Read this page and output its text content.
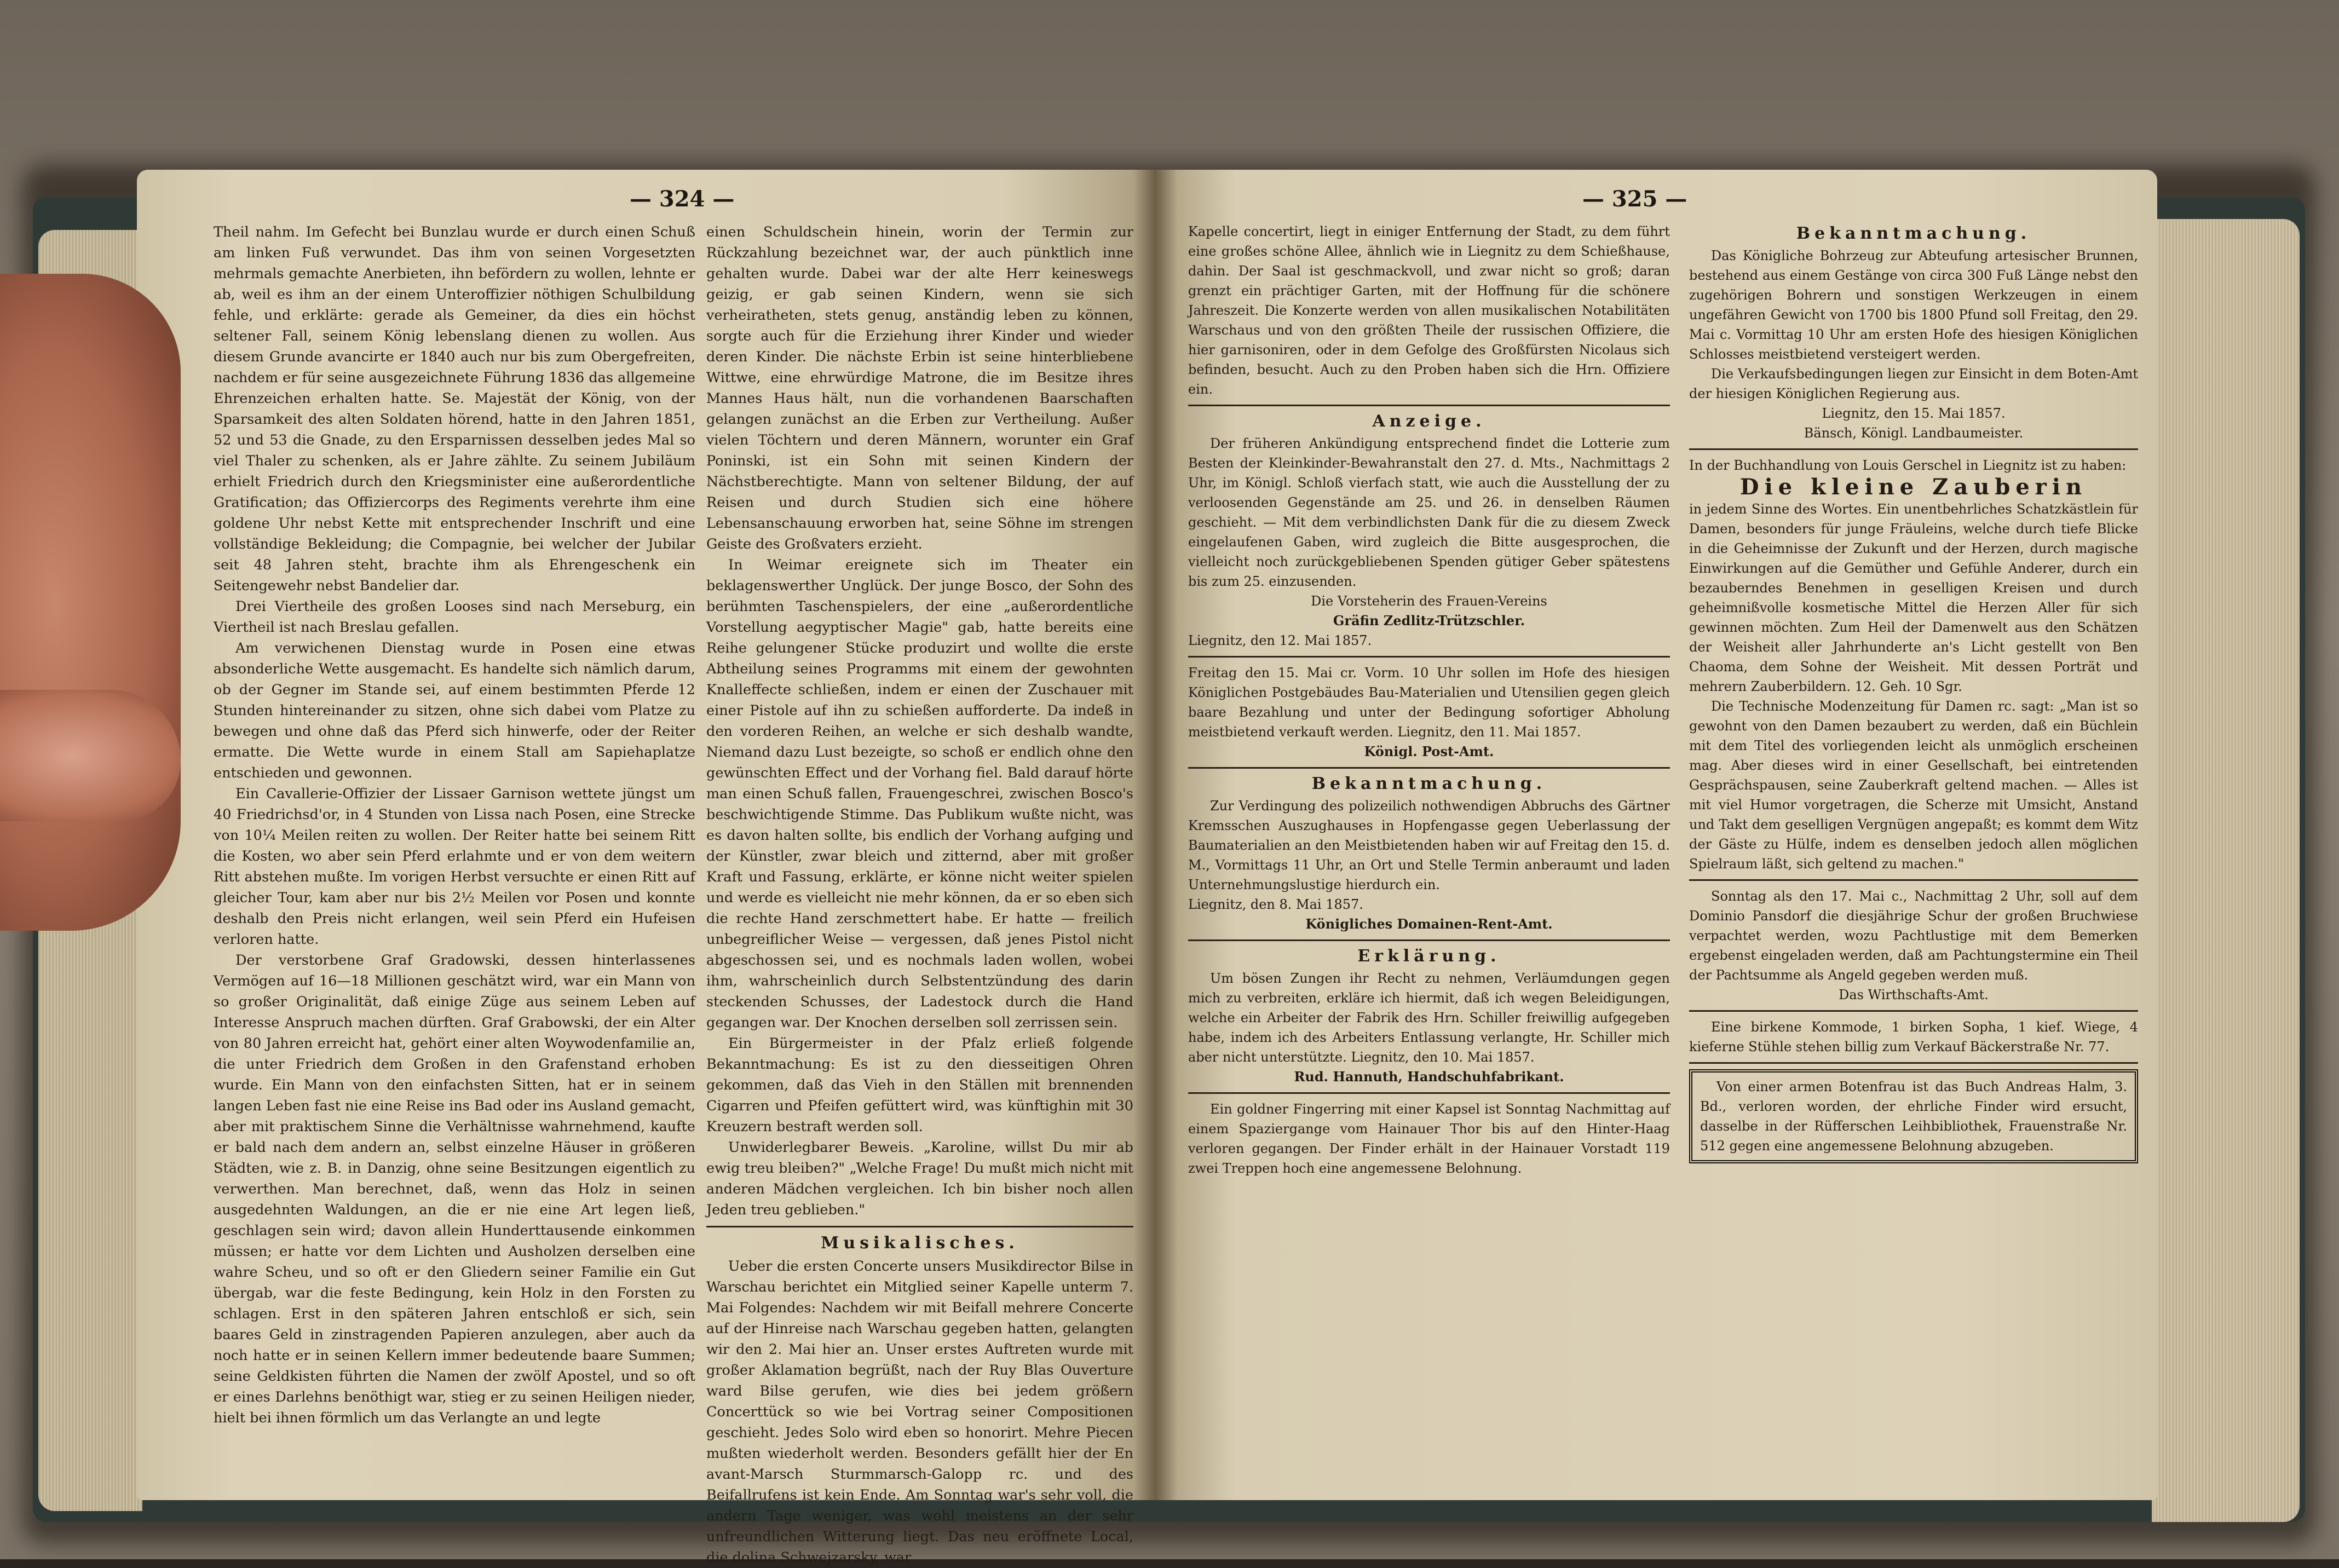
— 324 —

Theil nahm. Im Gefecht bei Bunzlau wurde er durch einen Schuß am linken Fuß verwundet. Das ihm von seinen Vorgesetzten mehrmals gemachte Anerbieten, ihn befördern zu wollen, lehnte er ab, weil es ihm an der einem Unteroffizier nöthigen Schulbildung fehle, und erklärte: gerade als Gemeiner, da dies ein höchst seltener Fall, seinem König lebenslang dienen zu wollen. Aus diesem Grunde avancirte er 1840 auch nur bis zum Obergefreiten, nachdem er für seine ausgezeichnete Führung 1836 das allgemeine Ehrenzeichen erhalten hatte. Se. Majestät der König, von der Sparsamkeit des alten Soldaten hörend, hatte in den Jahren 1851, 52 und 53 die Gnade, zu den Ersparnissen desselben jedes Mal so viel Thaler zu schenken, als er Jahre zählte. Zu seinem Jubiläum erhielt Friedrich durch den Kriegsminister eine außerordentliche Gratification; das Offiziercorps des Regiments verehrte ihm eine goldene Uhr nebst Kette mit entsprechender Inschrift und eine vollständige Bekleidung; die Compagnie, bei welcher der Jubilar seit 48 Jahren steht, brachte ihm als Ehrengeschenk ein Seitengewehr nebst Bandelier dar.

Drei Viertheile des großen Looses sind nach Merseburg, ein Viertheil ist nach Breslau gefallen.

Am verwichenen Dienstag wurde in Posen eine etwas absonderliche Wette ausgemacht. Es handelte sich nämlich darum, ob der Gegner im Stande sei, auf einem bestimmten Pferde 12 Stunden hintereinander zu sitzen, ohne sich dabei vom Platze zu bewegen und ohne daß das Pferd sich hinwerfe, oder der Reiter ermatte. Die Wette wurde in einem Stall am Sapiehaplatze entschieden und gewonnen.

Ein Cavallerie-Offizier der Lissaer Garnison wettete jüngst um 40 Friedrichsd'or, in 4 Stunden von Lissa nach Posen, eine Strecke von 10¼ Meilen reiten zu wollen. Der Reiter hatte bei seinem Ritt die Kosten, wo aber sein Pferd erlahmte und er von dem weitern Ritt abstehen mußte. Im vorigen Herbst versuchte er einen Ritt auf gleicher Tour, kam aber nur bis 2½ Meilen vor Posen und konnte deshalb den Preis nicht erlangen, weil sein Pferd ein Hufeisen verloren hatte.

Der verstorbene Graf Gradowski, dessen hinterlassenes Vermögen auf 16—18 Millionen geschätzt wird, war ein Mann von so großer Originalität, daß einige Züge aus seinem Leben auf Interesse Anspruch machen dürften. Graf Grabowski, der ein Alter von 80 Jahren erreicht hat, gehört einer alten Woywodenfamilie an, die unter Friedrich dem Großen in den Grafenstand erhoben wurde. Ein Mann von den einfachsten Sitten, hat er in seinem langen Leben fast nie eine Reise ins Bad oder ins Ausland gemacht, aber mit praktischem Sinne die Verhältnisse wahrnehmend, kaufte er bald nach dem andern an, selbst einzelne Häuser in größeren Städten, wie z. B. in Danzig, ohne seine Besitzungen eigentlich zu verwerthen. Man berechnet, daß, wenn das Holz in seinen ausgedehnten Waldungen, an die er nie eine Art legen ließ, geschlagen sein wird; davon allein Hunderttausende einkommen müssen; er hatte vor dem Lichten und Ausholzen derselben eine wahre Scheu, und so oft er den Gliedern seiner Familie ein Gut übergab, war die feste Bedingung, kein Holz in den Forsten zu schlagen. Erst in den späteren Jahren entschloß er sich, sein baares Geld in zinstragenden Papieren anzulegen, aber auch da noch hatte er in seinen Kellern immer bedeutende baare Summen; seine Geldkisten führten die Namen der zwölf Apostel, und so oft er eines Darlehns benöthigt war, stieg er zu seinen Heiligen nieder, hielt bei ihnen förmlich um das Verlangte an und legte

einen Schuldschein hinein, worin der Termin zur Rückzahlung bezeichnet war, der auch pünktlich inne gehalten wurde. Dabei war der alte Herr keineswegs geizig, er gab seinen Kindern, wenn sie sich verheiratheten, stets genug, anständig leben zu können, sorgte auch für die Erziehung ihrer Kinder und wieder deren Kinder. Die nächste Erbin ist seine hinterbliebene Wittwe, eine ehrwürdige Matrone, die im Besitze ihres Mannes Haus hält, nun die vorhandenen Baarschaften gelangen zunächst an die Erben zur Vertheilung. Außer vielen Töchtern und deren Männern, worunter ein Graf Poninski, ist ein Sohn mit seinen Kindern der Nächstberechtigte. Mann von seltener Bildung, der auf Reisen und durch Studien sich eine höhere Lebensanschauung erworben hat, seine Söhne im strengen Geiste des Großvaters erzieht.

In Weimar ereignete sich im Theater ein beklagenswerther Unglück. Der junge Bosco, der Sohn des berühmten Taschenspielers, der eine „außerordentliche Vorstellung aegyptischer Magie" gab, hatte bereits eine Reihe gelungener Stücke produzirt und wollte die erste Abtheilung seines Programms mit einem der gewohnten Knalleffecte schließen, indem er einen der Zuschauer mit einer Pistole auf ihn zu schießen aufforderte. Da indeß in den vorderen Reihen, an welche er sich deshalb wandte, Niemand dazu Lust bezeigte, so schoß er endlich ohne den gewünschten Effect und der Vorhang fiel. Bald darauf hörte man einen Schuß fallen, Frauengeschrei, zwischen Bosco's beschwichtigende Stimme. Das Publikum wußte nicht, was es davon halten sollte, bis endlich der Vorhang aufging und der Künstler, zwar bleich und zitternd, aber mit großer Kraft und Fassung, erklärte, er könne nicht weiter spielen und werde es vielleicht nie mehr können, da er so eben sich die rechte Hand zerschmettert habe. Er hatte — freilich unbegreiflicher Weise — vergessen, daß jenes Pistol nicht abgeschossen sei, und es nochmals laden wollen, wobei ihm, wahrscheinlich durch Selbstentzündung des darin steckenden Schusses, der Ladestock durch die Hand gegangen war. Der Knochen derselben soll zerrissen sein.

Ein Bürgermeister in der Pfalz erließ folgende Bekanntmachung: Es ist zu den diesseitigen Ohren gekommen, daß das Vieh in den Ställen mit brennenden Cigarren und Pfeifen gefüttert wird, was künftighin mit 30 Kreuzern bestraft werden soll.

Unwiderlegbarer Beweis. „Karoline, willst Du mir ab ewig treu bleiben?" „Welche Frage! Du mußt mich nicht mit anderen Mädchen vergleichen. Ich bin bisher noch allen Jeden treu geblieben."

Musikalisches.

Ueber die ersten Concerte unsers Musikdirector Bilse in Warschau berichtet ein Mitglied seiner Kapelle unterm 7. Mai Folgendes: Nachdem wir mit Beifall mehrere Concerte auf der Hinreise nach Warschau gegeben hatten, gelangten wir den 2. Mai hier an. Unser erstes Auftreten wurde mit großer Aklamation begrüßt, nach der Ruy Blas Ouverture ward Bilse gerufen, wie dies bei jedem größern Concerttück so wie bei Vortrag seiner Compositionen geschieht. Jedes Solo wird eben so honorirt. Mehre Piecen mußten wiederholt werden. Besonders gefällt hier der En avant-Marsch Sturmmarsch-Galopp rc. und des Beifallrufens ist kein Ende. Am Sonntag war's sehr voll, die andern Tage weniger, was wohl meistens an der sehr unfreundlichen Witterung liegt. Das neu eröffnete Local, die dolina Schwejzarsky, war

— 325 —

Kapelle concertirt, liegt in einiger Entfernung der Stadt, zu dem führt eine großes schöne Allee, ähnlich wie in Liegnitz zu dem Schießhause, dahin. Der Saal ist geschmackvoll, und zwar nicht so groß; daran grenzt ein prächtiger Garten, mit der Hoffnung für die schönere Jahreszeit. Die Konzerte werden von allen musikalischen Notabilitäten Warschaus und von den größten Theile der russischen Offiziere, die hier garnisoniren, oder in dem Gefolge des Großfürsten Nicolaus sich befinden, besucht. Auch zu den Proben haben sich die Hrn. Offiziere ein.

Anzeige.

Der früheren Ankündigung entsprechend findet die Lotterie zum Besten der Kleinkinder-Bewahranstalt den 27. d. Mts., Nachmittags 2 Uhr, im Königl. Schloß vierfach statt, wie auch die Ausstellung der zu verloosenden Gegenstände am 25. und 26. in denselben Räumen geschieht. — Mit dem verbindlichsten Dank für die zu diesem Zweck eingelaufenen Gaben, wird zugleich die Bitte ausgesprochen, die vielleicht noch zurückgebliebenen Spenden gütiger Geber spätestens bis zum 25. einzusenden.

Die Vorsteherin des Frauen-Vereins

Gräfin Zedlitz-Trützschler.

Liegnitz, den 12. Mai 1857.

Freitag den 15. Mai cr. Vorm. 10 Uhr sollen im Hofe des hiesigen Königlichen Postgebäudes Bau-Materialien und Utensilien gegen gleich baare Bezahlung und unter der Bedingung sofortiger Abholung meistbietend verkauft werden. Liegnitz, den 11. Mai 1857.

Königl. Post-Amt.

Bekanntmachung.

Zur Verdingung des polizeilich nothwendigen Abbruchs des Gärtner Kremsschen Auszughauses in Hopfengasse gegen Ueberlassung der Baumaterialien an den Meistbietenden haben wir auf Freitag den 15. d. M., Vormittags 11 Uhr, an Ort und Stelle Termin anberaumt und laden Unternehmungslustige hierdurch ein.

Liegnitz, den 8. Mai 1857.

Königliches Domainen-Rent-Amt.

Erklärung.

Um bösen Zungen ihr Recht zu nehmen, Verläumdungen gegen mich zu verbreiten, erkläre ich hiermit, daß ich wegen Beleidigungen, welche ein Arbeiter der Fabrik des Hrn. Schiller freiwillig aufgegeben habe, indem ich des Arbeiters Entlassung verlangte, Hr. Schiller mich aber nicht unterstützte. Liegnitz, den 10. Mai 1857.

Rud. Hannuth, Handschuhfabrikant.

Ein goldner Fingerring mit einer Kapsel ist Sonntag Nachmittag auf einem Spaziergange vom Hainauer Thor bis auf den Hinter-Haag verloren gegangen. Der Finder erhält in der Hainauer Vorstadt 119 zwei Treppen hoch eine angemessene Belohnung.

Bekanntmachung.

Das Königliche Bohrzeug zur Abteufung artesischer Brunnen, bestehend aus einem Gestänge von circa 300 Fuß Länge nebst den zugehörigen Bohrern und sonstigen Werkzeugen in einem ungefähren Gewicht von 1700 bis 1800 Pfund soll Freitag, den 29. Mai c. Vormittag 10 Uhr am ersten Hofe des hiesigen Königlichen Schlosses meistbietend versteigert werden.

Die Verkaufsbedingungen liegen zur Einsicht in dem Boten-Amt der hiesigen Königlichen Regierung aus.

Liegnitz, den 15. Mai 1857.

Bänsch, Königl. Landbaumeister.

In der Buchhandlung von Louis Gerschel in Liegnitz ist zu haben:

Die kleine Zauberin

in jedem Sinne des Wortes. Ein unentbehrliches Schatzkästlein für Damen, besonders für junge Fräuleins, welche durch tiefe Blicke in die Geheimnisse der Zukunft und der Herzen, durch magische Einwirkungen auf die Gemüther und Gefühle Anderer, durch ein bezauberndes Benehmen in geselligen Kreisen und durch geheimnißvolle kosmetische Mittel die Herzen Aller für sich gewinnen möchten. Zum Heil der Damenwelt aus den Schätzen der Weisheit aller Jahrhunderte an's Licht gestellt von Ben Chaoma, dem Sohne der Weisheit. Mit dessen Porträt und mehrern Zauberbildern. 12. Geh. 10 Sgr.

Die Technische Modenzeitung für Damen rc. sagt: „Man ist so gewohnt von den Damen bezaubert zu werden, daß ein Büchlein mit dem Titel des vorliegenden leicht als unmöglich erscheinen mag. Aber dieses wird in einer Gesellschaft, bei eintretenden Gesprächspausen, seine Zauberkraft geltend machen. — Alles ist mit viel Humor vorgetragen, die Scherze mit Umsicht, Anstand und Takt dem geselligen Vergnügen angepaßt; es kommt dem Witz der Gäste zu Hülfe, indem es denselben jedoch allen möglichen Spielraum läßt, sich geltend zu machen."

Sonntag als den 17. Mai c., Nachmittag 2 Uhr, soll auf dem Dominio Pansdorf die diesjährige Schur der großen Bruchwiese verpachtet werden, wozu Pachtlustige mit dem Bemerken ergebenst eingeladen werden, daß am Pachtungstermine ein Theil der Pachtsumme als Angeld gegeben werden muß.

Das Wirthschafts-Amt.

Eine birkene Kommode, 1 birken Sopha, 1 kief. Wiege, 4 kieferne Stühle stehen billig zum Verkauf Bäckerstraße Nr. 77.

Von einer armen Botenfrau ist das Buch Andreas Halm, 3. Bd., verloren worden, der ehrliche Finder wird ersucht, dasselbe in der Rüfferschen Leihbibliothek, Frauenstraße Nr. 512 gegen eine angemessene Belohnung abzugeben.
